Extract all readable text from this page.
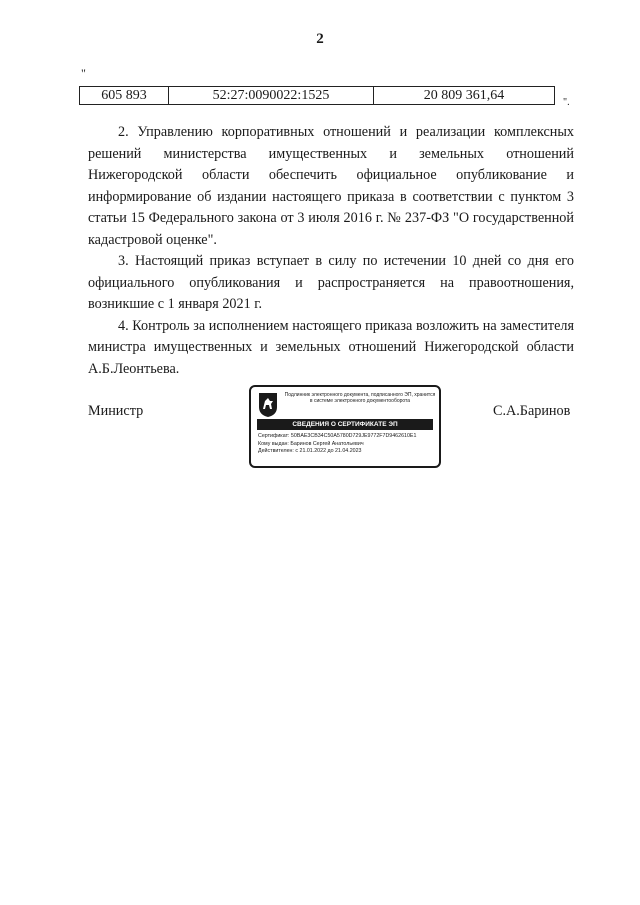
2
"
605 893	52:27:0090022:1525	20 809 361,64	".

2. Управлению корпоративных отношений и реализации комплексных решений министерства имущественных и земельных отношений Нижегородской области обеспечить официальное опубликование и информирование об издании настоящего приказа в соответствии с пунктом 3 статьи 15 Федерального закона от 3 июля 2016 г. № 237-ФЗ "О государственной кадастровой оценке".

3. Настоящий приказ вступает в силу по истечении 10 дней со дня его официального опубликования и распространяется на правоотношения, возникшие с 1 января 2021 г.

4. Контроль за исполнением настоящего приказа возложить на заместителя министра имущественных и земельных отношений Нижегородской области А.Б.Леонтьева.

Министр
Подлинник электронного документа, подписанного ЭП, хранится в системе электронного документооборота
СВЕДЕНИЯ О СЕРТИФИКАТЕ ЭП
Сертификат: 50BAE3CB34C50A5780D729JE9772F7D9462610E1
Кому выдан: Баринов Сергей Анатольевич
Действителен: с 21.01.2022 до 21.04.2023
С.А.Баринов
